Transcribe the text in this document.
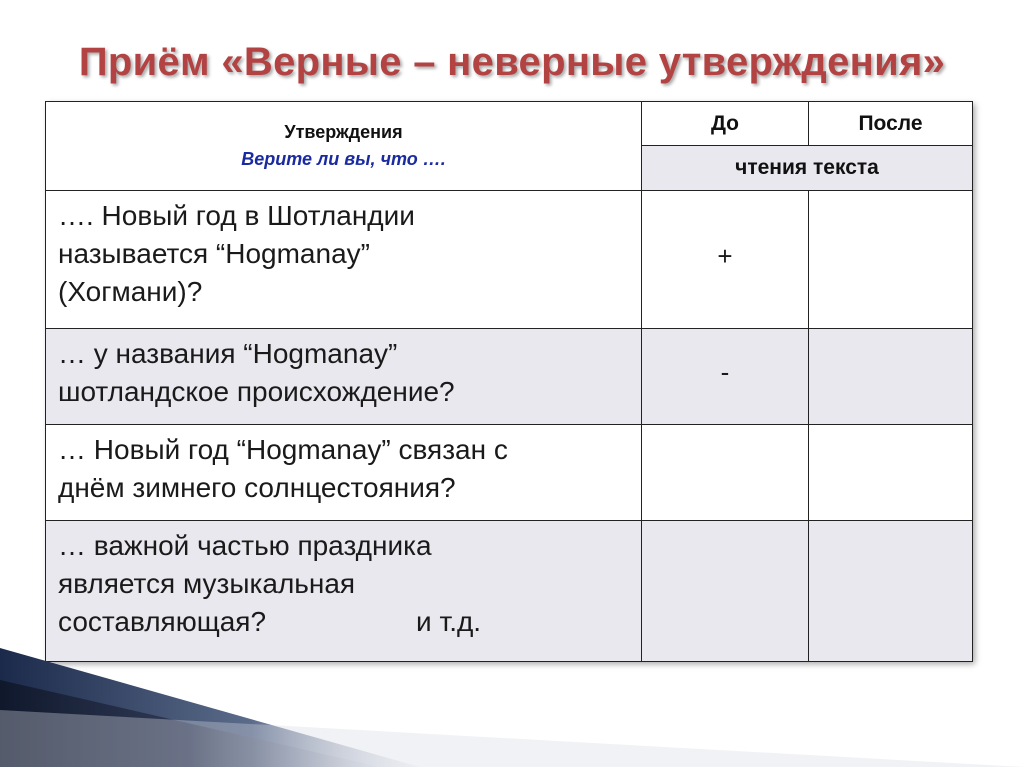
Приём «Верные – неверные утверждения»
Утверждения
Верите ли вы, что ….	До	После
	чтения текста	

…. Новый год в Шотландии
называется “Hogmanay”
(Хогмани)?	+	

… у названия “Hogmanay”
шотландское происхождение?	-	

… Новый год “Hogmanay” связан с
днём зимнего солнцестояния?		

… важной частью праздника
является музыкальная
составляющая? и т.д.		
